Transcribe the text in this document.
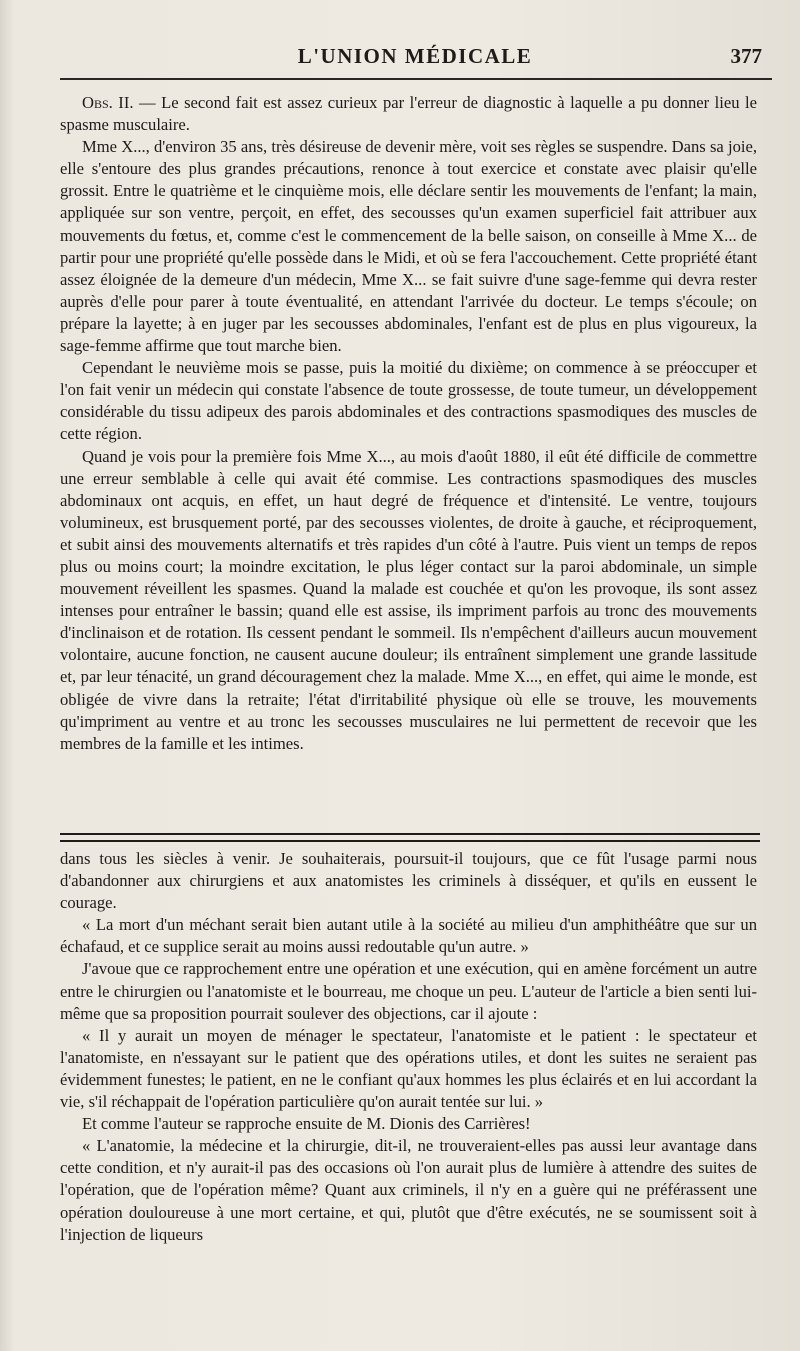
L'UNION MÉDICALE	377

Obs. II. — Le second fait est assez curieux par l'erreur de diagnostic à laquelle a pu donner lieu le spasme musculaire.

Mme X..., d'environ 35 ans, très désireuse de devenir mère, voit ses règles se suspendre. Dans sa joie, elle s'entoure des plus grandes précautions, renonce à tout exercice et constate avec plaisir qu'elle grossit. Entre le quatrième et le cinquième mois, elle déclare sentir les mouvements de l'enfant; la main, appliquée sur son ventre, perçoit, en effet, des secousses qu'un examen superficiel fait attribuer aux mouvements du fœtus, et, comme c'est le commencement de la belle saison, on conseille à Mme X... de partir pour une propriété qu'elle possède dans le Midi, et où se fera l'accouchement. Cette propriété étant assez éloignée de la demeure d'un médecin, Mme X... se fait suivre d'une sage-femme qui devra rester auprès d'elle pour parer à toute éventualité, en attendant l'arrivée du docteur. Le temps s'écoule; on prépare la layette; à en juger par les secousses abdominales, l'enfant est de plus en plus vigoureux, la sage-femme affirme que tout marche bien.

Cependant le neuvième mois se passe, puis la moitié du dixième; on commence à se préoccuper et l'on fait venir un médecin qui constate l'absence de toute grossesse, de toute tumeur, un développement considérable du tissu adipeux des parois abdominales et des contractions spasmodiques des muscles de cette région.

Quand je vois pour la première fois Mme X..., au mois d'août 1880, il eût été difficile de commettre une erreur semblable à celle qui avait été commise. Les contractions spasmodiques des muscles abdominaux ont acquis, en effet, un haut degré de fréquence et d'intensité. Le ventre, toujours volumineux, est brusquement porté, par des secousses violentes, de droite à gauche, et réciproquement, et subit ainsi des mouvements alternatifs et très rapides d'un côté à l'autre. Puis vient un temps de repos plus ou moins court; la moindre excitation, le plus léger contact sur la paroi abdominale, un simple mouvement réveillent les spasmes. Quand la malade est couchée et qu'on les provoque, ils sont assez intenses pour entraîner le bassin; quand elle est assise, ils impriment parfois au tronc des mouvements d'inclinaison et de rotation. Ils cessent pendant le sommeil. Ils n'empêchent d'ailleurs aucun mouvement volontaire, aucune fonction, ne causent aucune douleur; ils entraînent simplement une grande lassitude et, par leur ténacité, un grand découragement chez la malade. Mme X..., en effet, qui aime le monde, est obligée de vivre dans la retraite; l'état d'irritabilité physique où elle se trouve, les mouvements qu'impriment au ventre et au tronc les secousses musculaires ne lui permettent de recevoir que les membres de la famille et les intimes.

dans tous les siècles à venir. Je souhaiterais, poursuit-il toujours, que ce fût l'usage parmi nous d'abandonner aux chirurgiens et aux anatomistes les criminels à disséquer, et qu'ils en eussent le courage.

« La mort d'un méchant serait bien autant utile à la société au milieu d'un amphithéâtre que sur un échafaud, et ce supplice serait au moins aussi redoutable qu'un autre. »

J'avoue que ce rapprochement entre une opération et une exécution, qui en amène forcément un autre entre le chirurgien ou l'anatomiste et le bourreau, me choque un peu. L'auteur de l'article a bien senti lui-même que sa proposition pourrait soulever des objections, car il ajoute :

« Il y aurait un moyen de ménager le spectateur, l'anatomiste et le patient : le spectateur et l'anatomiste, en n'essayant sur le patient que des opérations utiles, et dont les suites ne seraient pas évidemment funestes; le patient, en ne le confiant qu'aux hommes les plus éclairés et en lui accordant la vie, s'il réchappait de l'opération particulière qu'on aurait tentée sur lui. »

Et comme l'auteur se rapproche ensuite de M. Dionis des Carrières!

« L'anatomie, la médecine et la chirurgie, dit-il, ne trouveraient-elles pas aussi leur avantage dans cette condition, et n'y aurait-il pas des occasions où l'on aurait plus de lumière à attendre des suites de l'opération, que de l'opération même? Quant aux criminels, il n'y en a guère qui ne préférassent une opération douloureuse à une mort certaine, et qui, plutôt que d'être exécutés, ne se soumissent soit à l'injection de liqueurs
